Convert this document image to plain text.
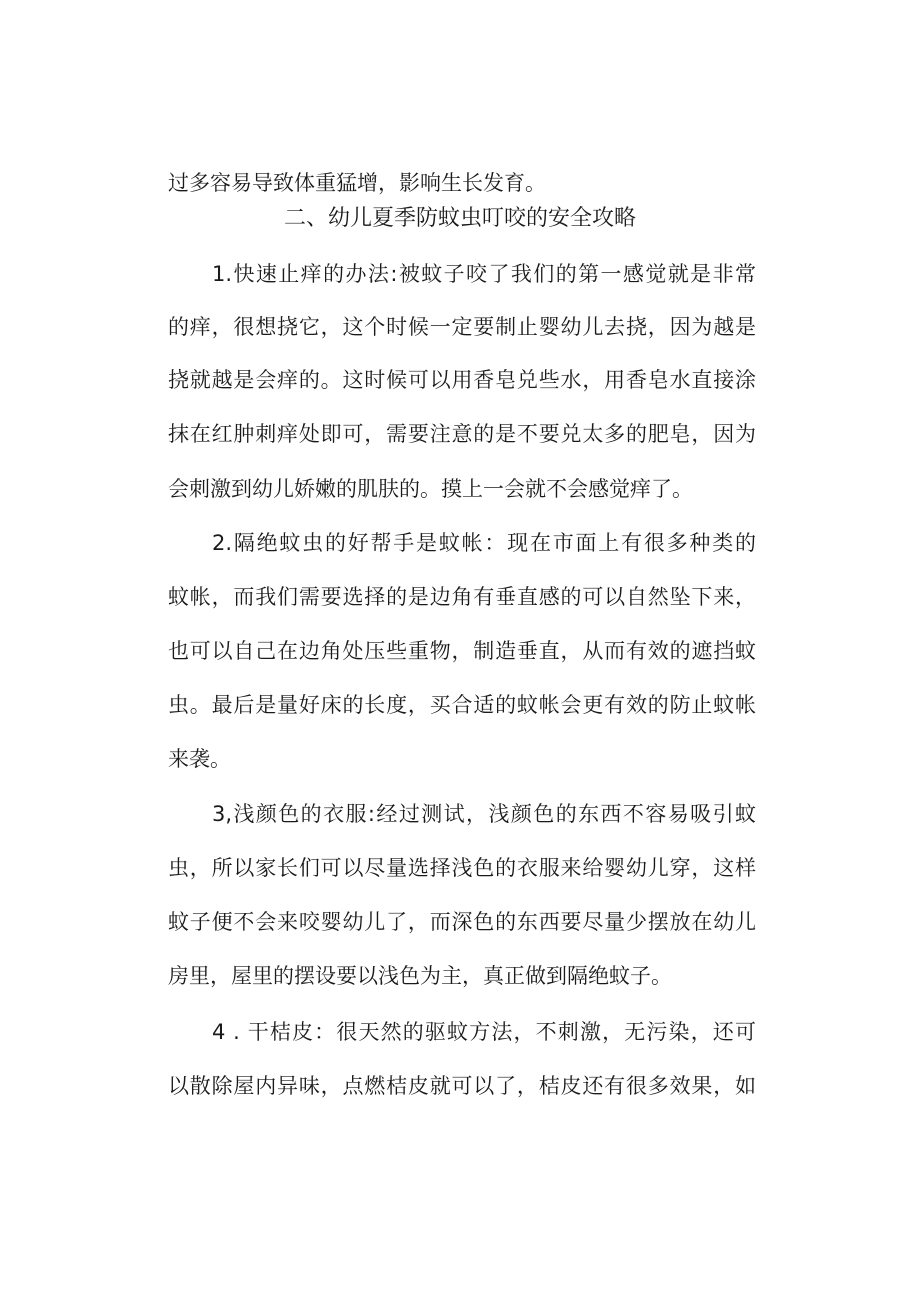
过多容易导致体重猛增，影响生长发育。

二、幼儿夏季防蚊虫叮咬的安全攻略

1.快速止痒的办法:被蚊子咬了我们的第一感觉就是非常

的痒，很想挠它，这个时候一定要制止婴幼儿去挠，因为越是

挠就越是会痒的。这时候可以用香皂兑些水，用香皂水直接涂

抹在红肿刺痒处即可，需要注意的是不要兑太多的肥皂，因为

会刺激到幼儿娇嫩的肌肤的。摸上一会就不会感觉痒了。

2.隔绝蚊虫的好帮手是蚊帐：现在市面上有很多种类的

蚊帐，而我们需要选择的是边角有垂直感的可以自然坠下来，

也可以自己在边角处压些重物，制造垂直，从而有效的遮挡蚊

虫。最后是量好床的长度，买合适的蚊帐会更有效的防止蚊帐

来袭。

3,浅颜色的衣服:经过测试，浅颜色的东西不容易吸引蚊

虫，所以家长们可以尽量选择浅色的衣服来给婴幼儿穿，这样

蚊子便不会来咬婴幼儿了，而深色的东西要尽量少摆放在幼儿

房里，屋里的摆设要以浅色为主，真正做到隔绝蚊子。

4 . 干桔皮：很天然的驱蚊方法，不刺激，无污染，还可

以散除屋内异味，点燃桔皮就可以了，桔皮还有很多效果，如
